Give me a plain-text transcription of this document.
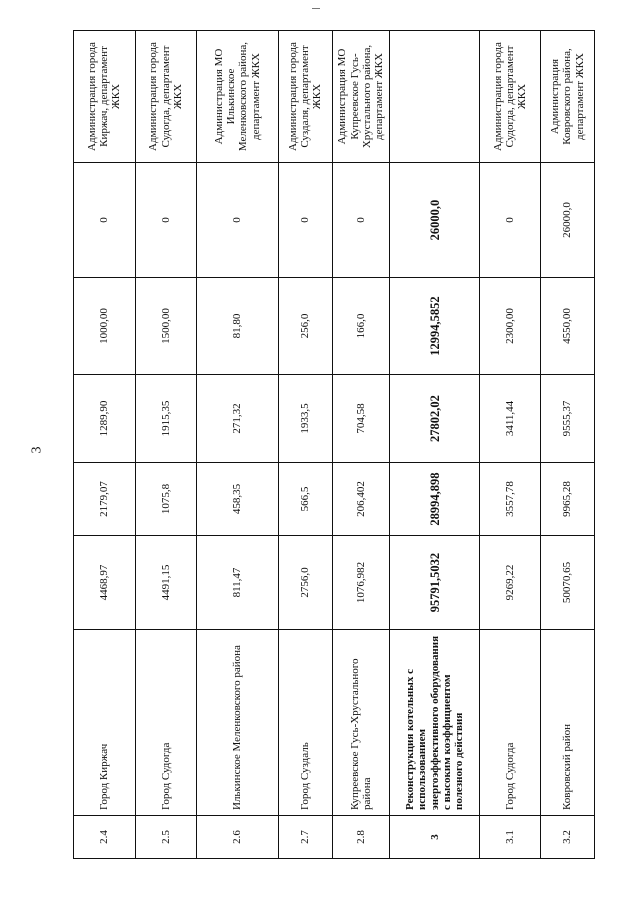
3
2.4	Город Киржач	4468,97	2179,07	1289,90	1000,00	0	Администрация города Киржач, департамент ЖКХ
2.5	Город Судогда	4491,15	1075,8	1915,35	1500,00	0	Администрация города Судогда, департамент ЖКХ
2.6	Илькинское Меленковского района	811,47	458,35	271,32	81,80	0	Администрация МО Илькинское Меленковского района, департамент ЖКХ
2.7	Город Суздаль	2756,0	566,5	1933,5	256,0	0	Администрация города Суздаля, департамент ЖКХ
2.8	Купреевское Гусь-Хрустального района	1076,982	206,402	704,58	166,0	0	Администрация МО Купреевское Гусь-Хрустального района, департамент ЖКХ
3	Реконструкция котельных с использованием энергоэффективного оборудования с высоким коэффициентом полезного действия	95791,5032	28994,898	27802,02	12994,5852	26000,0	
3.1	Город Судогда	9269,22	3557,78	3411,44	2300,00	0	Администрация города Судогда, департамент ЖКХ
3.2	Ковровский район	50070,65	9965,28	9555,37	4550,00	26000,0	Администрация Ковровского района, департамент ЖКХ
